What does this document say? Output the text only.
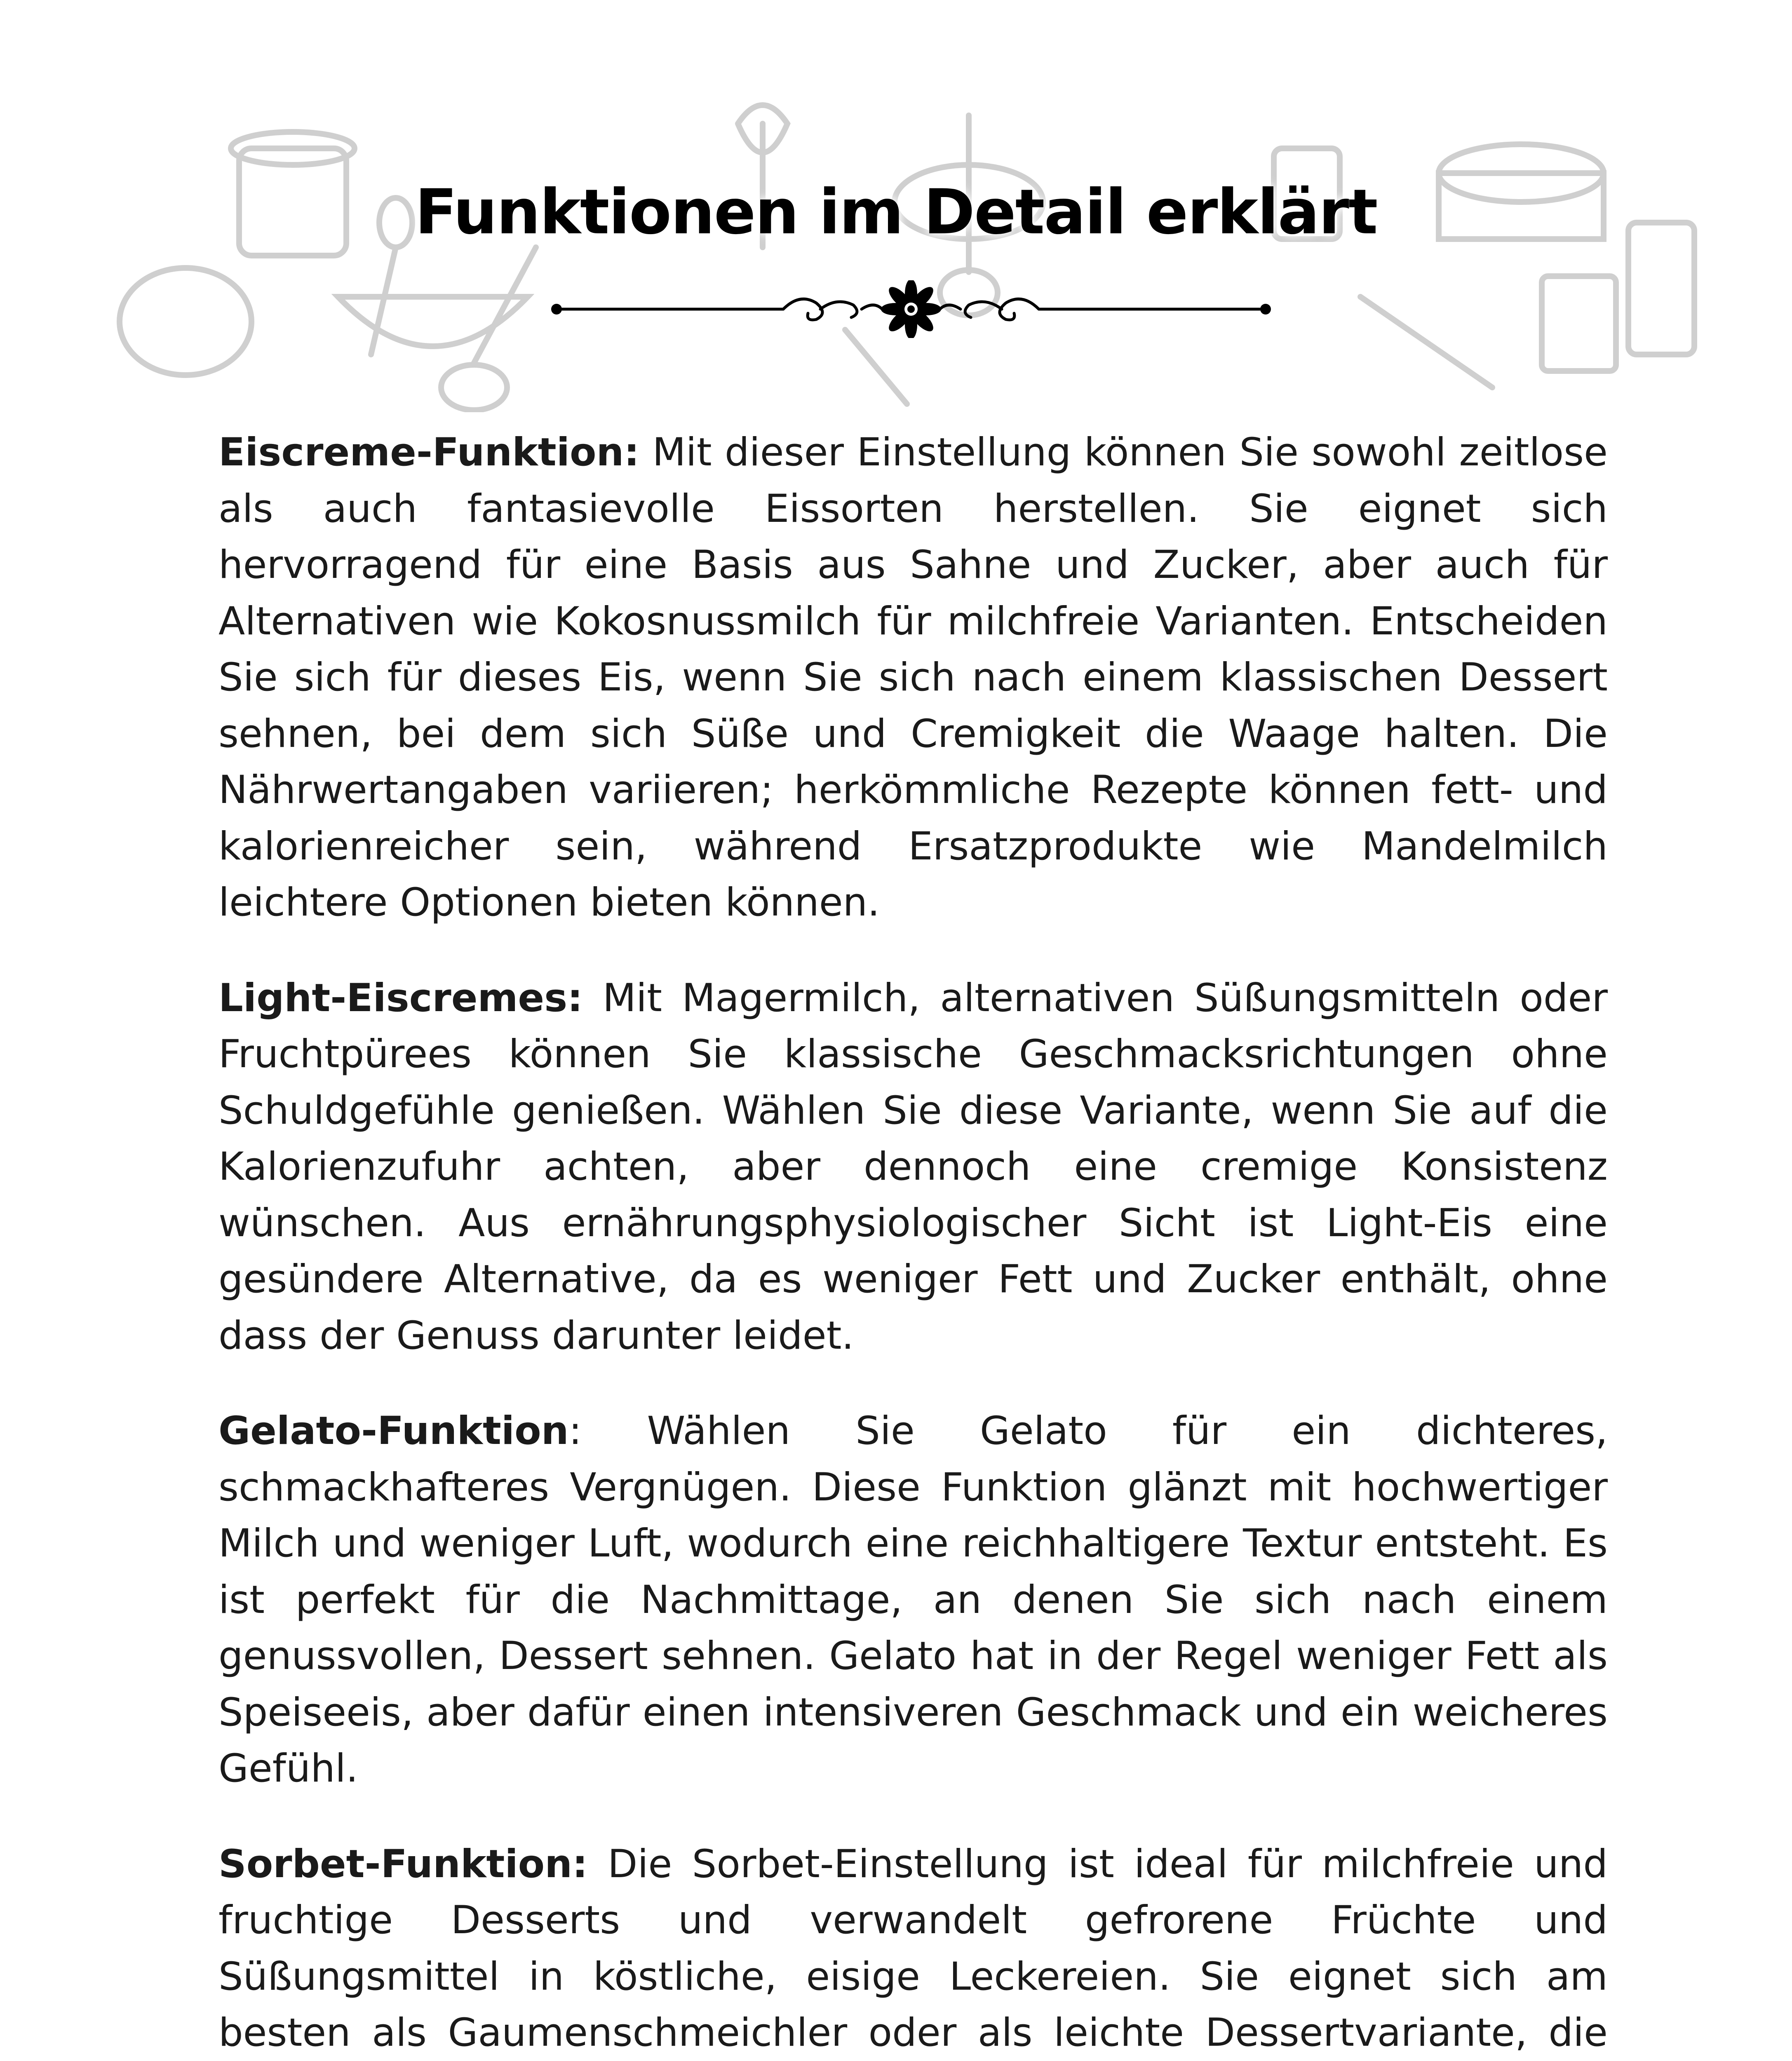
Funktionen im Detail erklärt

Eiscreme-Funktion: Mit dieser Einstellung können Sie sowohl zeitlose als auch fantasievolle Eissorten herstellen. Sie eignet sich hervorragend für eine Basis aus Sahne und Zucker, aber auch für Alternativen wie Kokosnussmilch für milchfreie Varianten. Entscheiden Sie sich für dieses Eis, wenn Sie sich nach einem klassischen Dessert sehnen, bei dem sich Süße und Cremigkeit die Waage halten. Die Nährwertangaben variieren; herkömmliche Rezepte können fett- und kalorienreicher sein, während Ersatzprodukte wie Mandelmilch leichtere Optionen bieten können.

Light-Eiscremes: Mit Magermilch, alternativen Süßungsmitteln oder Fruchtpürees können Sie klassische Geschmacksrichtungen ohne Schuldgefühle genießen. Wählen Sie diese Variante, wenn Sie auf die Kalorienzufuhr achten, aber dennoch eine cremige Konsistenz wünschen. Aus ernährungsphysiologischer Sicht ist Light-Eis eine gesündere Alternative, da es weniger Fett und Zucker enthält, ohne dass der Genuss darunter leidet.

Gelato-Funktion: Wählen Sie Gelato für ein dichteres, schmackhafteres Vergnügen. Diese Funktion glänzt mit hochwertiger Milch und weniger Luft, wodurch eine reichhaltigere Textur entsteht. Es ist perfekt für die Nachmittage, an denen Sie sich nach einem genussvollen, Dessert sehnen. Gelato hat in der Regel weniger Fett als Speiseeis, aber dafür einen intensiveren Geschmack und ein weicheres Gefühl.

Sorbet-Funktion: Die Sorbet-Einstellung ist ideal für milchfreie und fruchtige Desserts und verwandelt gefrorene Früchte und Süßungsmittel in köstliche, eisige Leckereien. Sie eignet sich am besten als Gaumenschmeichler oder als leichte Dessertvariante, die
